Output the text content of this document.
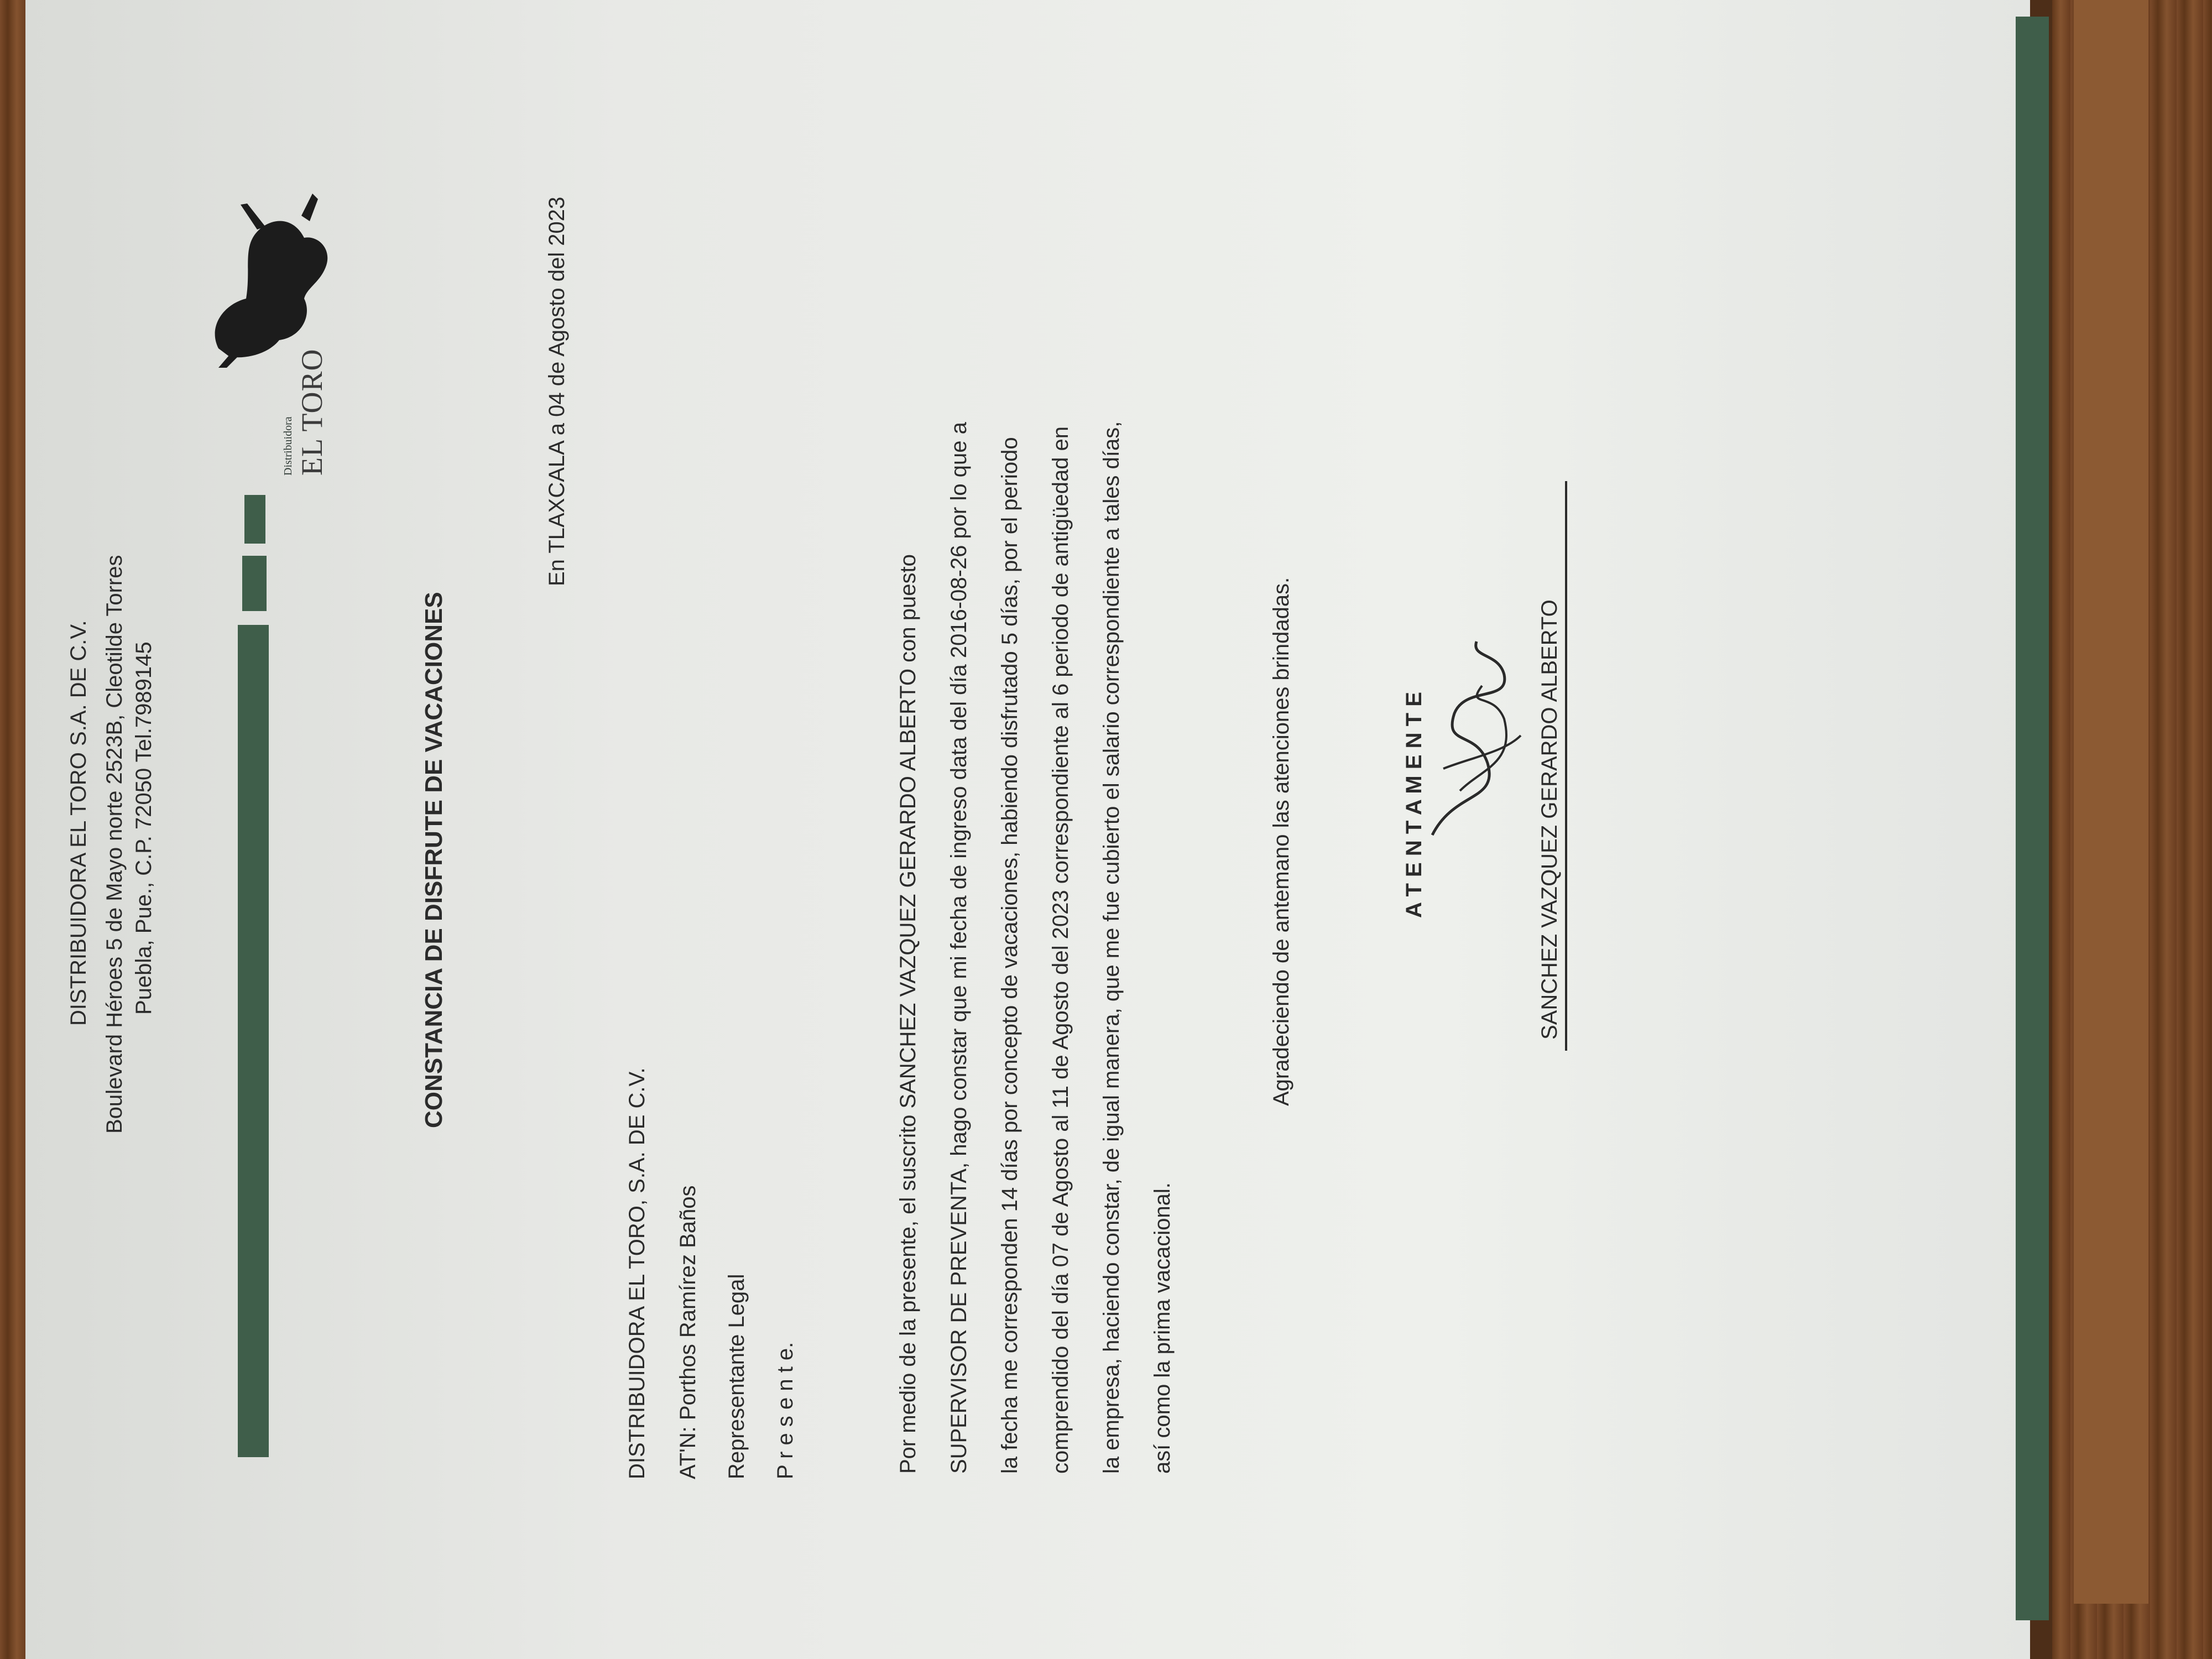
DISTRIBUIDORA EL TORO S.A. DE C.V. Boulevard Héroes 5 de Mayo norte 2523B, Cleotilde Torres Puebla, Pue., C.P. 72050 Tel.7989145
Distribuidora EL TORO
CONSTANCIA DE DISFRUTE DE VACACIONES
En TLAXCALA a 04 de Agosto del 2023
DISTRIBUIDORA EL TORO, S.A. DE C.V. AT'N: Porthos Ramírez Baños Representante Legal P r e s e n t e.	Por medio de la presente, el suscrito SANCHEZ VAZQUEZ GERARDO ALBERTO con puesto SUPERVISOR DE PREVENTA, hago constar que mi fecha de ingreso data del día 2016-08-26 por lo que a la fecha me corresponden 14 días por concepto de vacaciones, habiendo disfrutado 5 días, por el periodo comprendido del día 07 de Agosto al 11 de Agosto del 2023 correspondiente al 6 periodo de antigüedad en la empresa, haciendo constar, de igual manera, que me fue cubierto el salario correspondiente a tales días, así como la prima vacacional.
Agradeciendo de antemano las atenciones brindadas.	A T E N T A M E N T E	SANCHEZ VAZQUEZ GERARDO ALBERTO
